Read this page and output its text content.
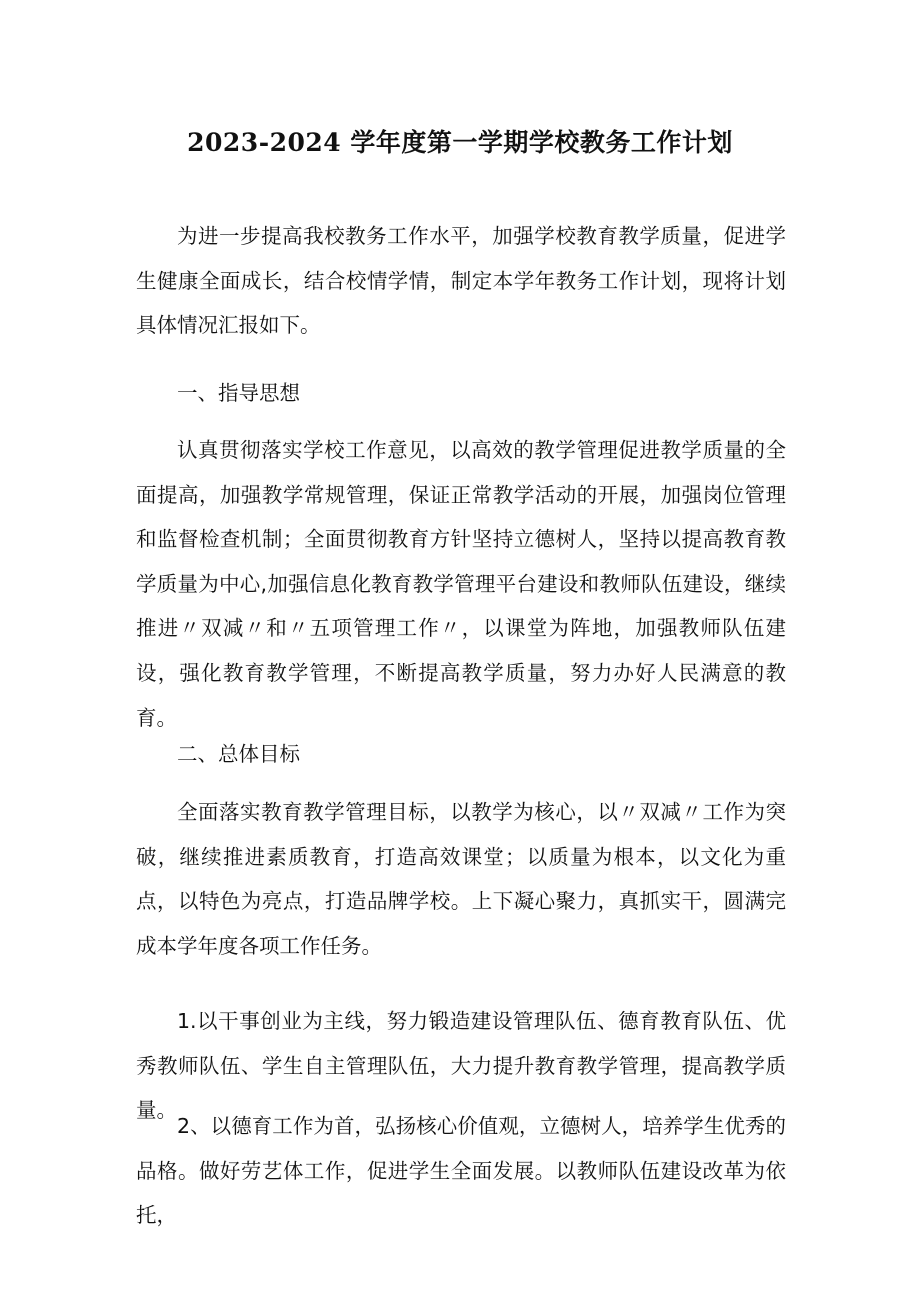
2023-2024 学年度第一学期学校教务工作计划

为进一步提高我校教务工作水平，加强学校教育教学质量，促进学生健康全面成长，结合校情学情，制定本学年教务工作计划，现将计划具体情况汇报如下。

一、指导思想

认真贯彻落实学校工作意见，以高效的教学管理促进教学质量的全面提高，加强教学常规管理，保证正常教学活动的开展，加强岗位管理和监督检查机制；全面贯彻教育方针坚持立德树人，坚持以提高教育教学质量为中心,加强信息化教育教学管理平台建设和教师队伍建设，继续推进〃双减〃和〃五项管理工作〃，以课堂为阵地，加强教师队伍建设，强化教育教学管理，不断提高教学质量，努力办好人民满意的教育。

二、总体目标

全面落实教育教学管理目标，以教学为核心，以〃双减〃工作为突破，继续推进素质教育，打造高效课堂；以质量为根本，以文化为重点，以特色为亮点，打造品牌学校。上下凝心聚力，真抓实干，圆满完成本学年度各项工作任务。

1.以干事创业为主线，努力锻造建设管理队伍、德育教育队伍、优秀教师队伍、学生自主管理队伍，大力提升教育教学管理，提高教学质量。

2、以德育工作为首，弘扬核心价值观，立德树人，培养学生优秀的品格。做好劳艺体工作，促进学生全面发展。以教师队伍建设改革为依托，
